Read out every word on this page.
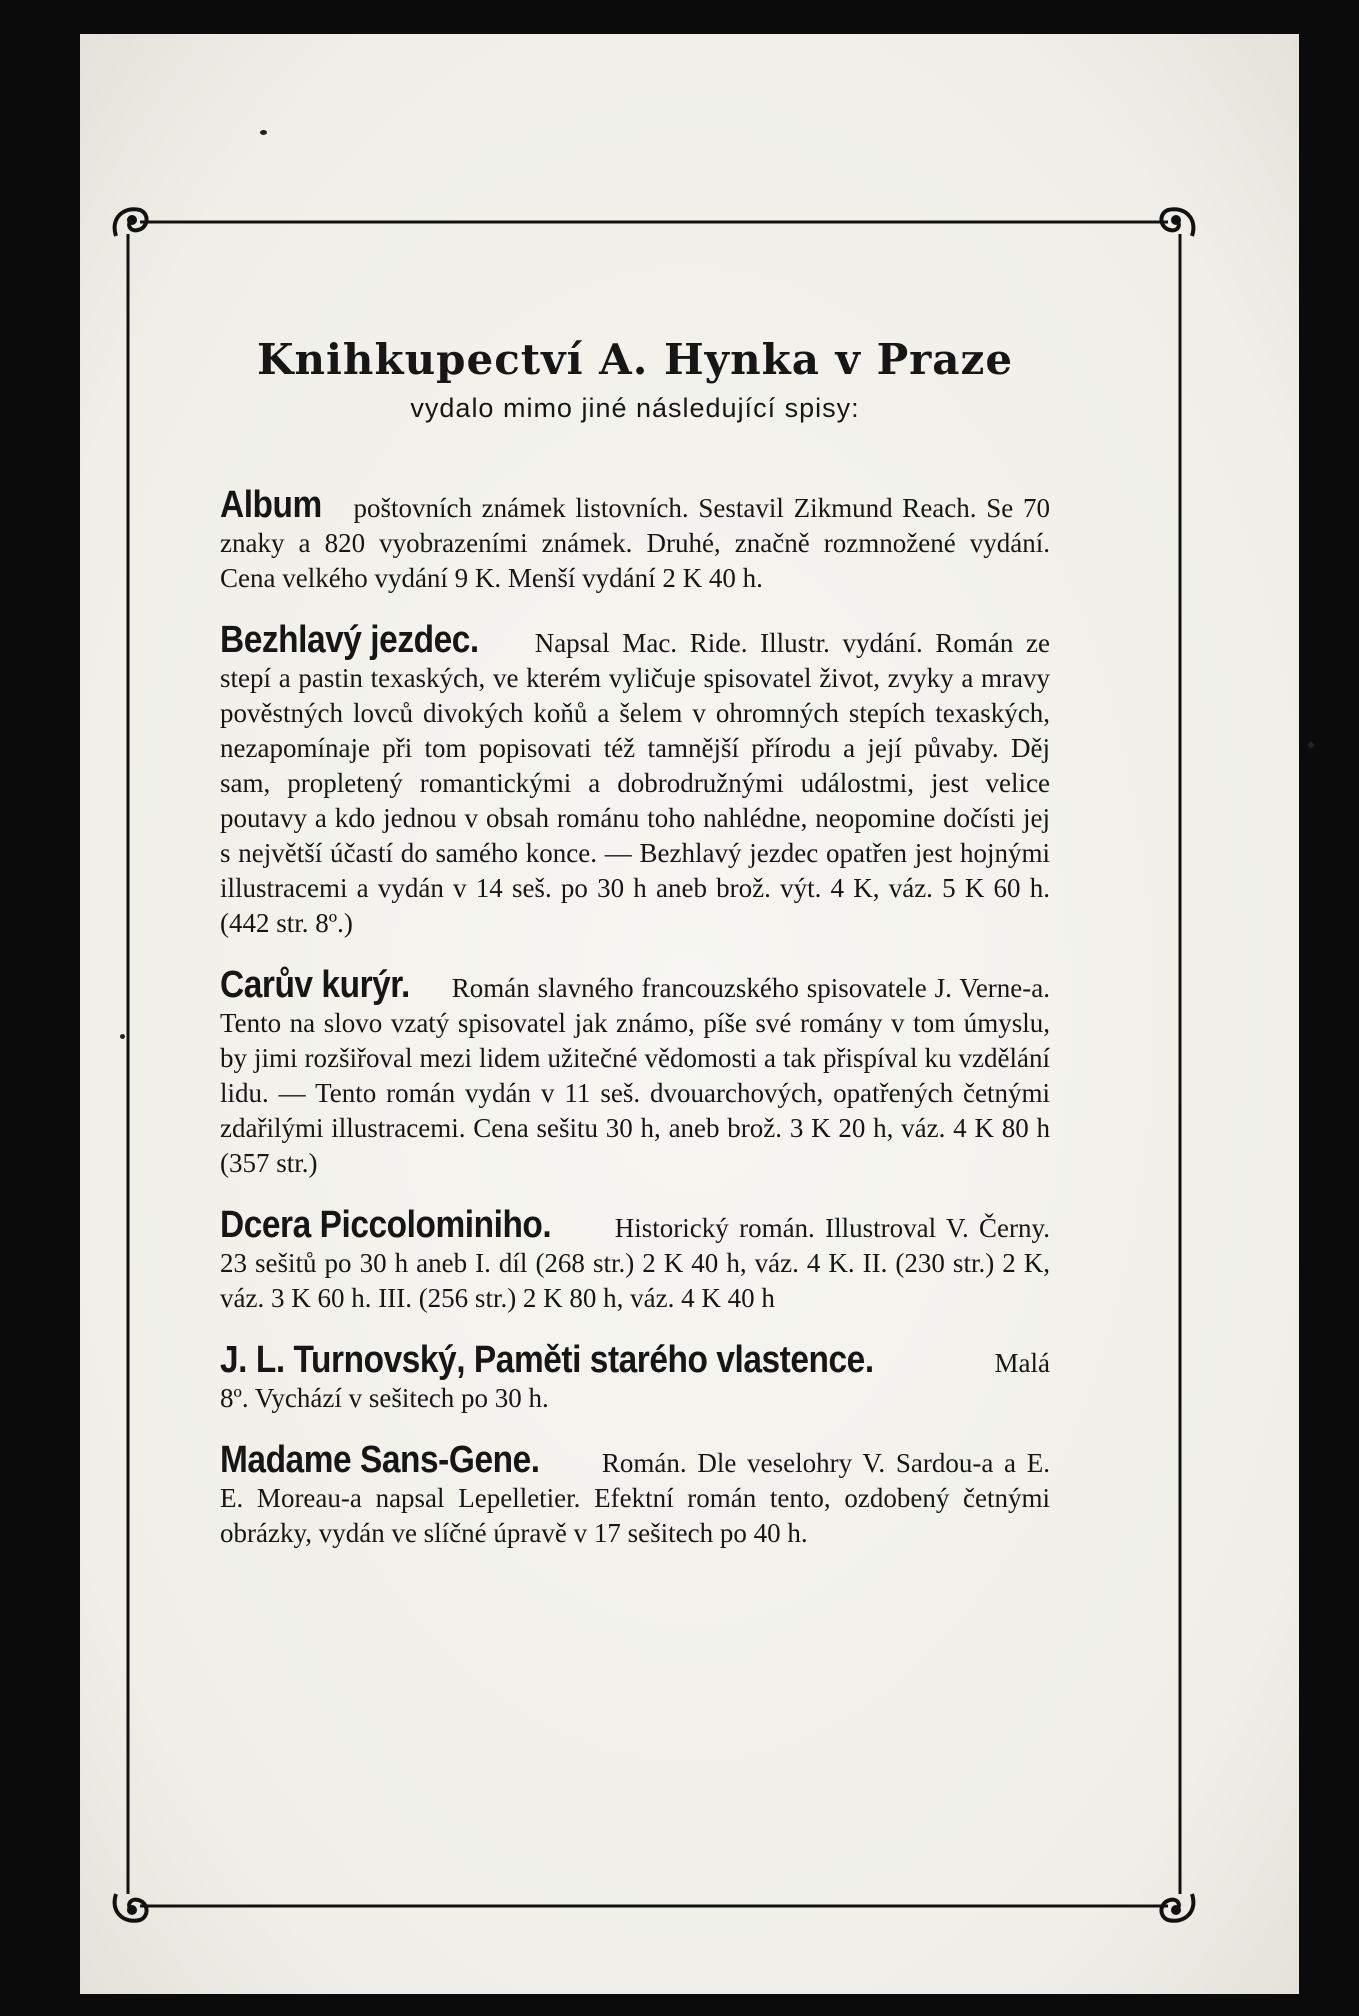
Knihkupectví A. Hynka v Praze
vydalo mimo jiné následující spisy:

Album poštovních známek listovních. Sestavil Zikmund Reach. Se 70 znaky a 820 vyobrazeními známek. Druhé, značně rozmnožené vydání. Cena velkého vydání 9 K. Menší vydání 2 K 40 h.

Bezhlavý jezdec. Napsal Mac. Ride. Illustr. vydání. Román ze stepí a pastin texaských, ve kterém vyličuje spisovatel život, zvyky a mravy pověstných lovců divokých koňů a šelem v ohromných stepích texaských, nezapomínaje při tom popisovati též tamnější přírodu a její půvaby. Děj sam, propletený romantickými a dobrodružnými událostmi, jest velice poutavy a kdo jednou v obsah románu toho nahlédne, neopomine dočísti jej s největší účastí do samého konce. — Bezhlavý jezdec opatřen jest hojnými illustracemi a vydán v 14 seš. po 30 h aneb brož. výt. 4 K, váz. 5 K 60 h. (442 str. 8º.)

Carův kurýr. Román slavného francouzského spisovatele J. Verne-a. Tento na slovo vzatý spisovatel jak známo, píše své romány v tom úmyslu, by jimi rozšiřoval mezi lidem užitečné vědomosti a tak přispíval ku vzdělání lidu. — Tento román vydán v 11 seš. dvouarchových, opatřených četnými zdařilými illustracemi. Cena sešitu 30 h, aneb brož. 3 K 20 h, váz. 4 K 80 h (357 str.)

Dcera Piccolominiho. Historický román. Illustroval V. Černy. 23 sešitů po 30 h aneb I. díl (268 str.) 2 K 40 h, váz. 4 K. II. (230 str.) 2 K, váz. 3 K 60 h. III. (256 str.) 2 K 80 h, váz. 4 K 40 h

J. L. Turnovský, Paměti starého vlastence.	Malá 8º. Vychází v sešitech po 30 h.

Madame Sans-Gene. Román. Dle veselohry V. Sardou-a a E. E. Moreau-a napsal Lepelletier. Efektní román tento, ozdobený četnými obrázky, vydán ve slíčné úpravě v 17 sešitech po 40 h.
